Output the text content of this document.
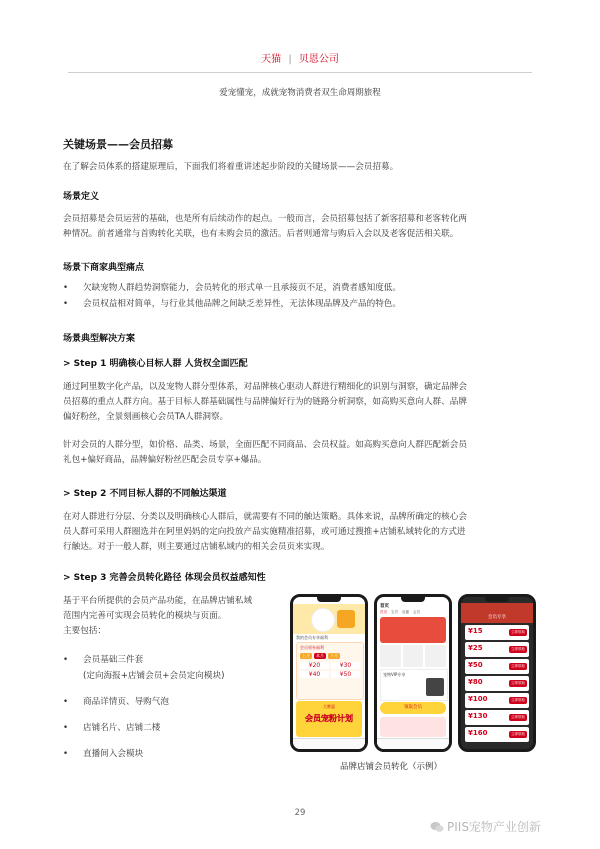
天猫 | 贝恩公司
爱宠懂宠，成就宠物消费者双生命周期旅程
关键场景——会员招募
在了解会员体系的搭建原理后，下面我们将着重讲述起步阶段的关键场景——会员招募。
场景定义
会员招募是会员运营的基础，也是所有后续动作的起点。一般而言，会员招募包括了新客招募和老客转化两
种情况。前者通常与首购转化关联，也有未购会员的激活。后者则通常与购后入会以及老客促活相关联。
场景下商家典型痛点
• 欠缺宠物人群趋势洞察能力，会员转化的形式单一且承接页不足，消费者感知度低。
• 会员权益相对简单，与行业其他品牌之间缺乏差异性，无法体现品牌及产品的特色。
场景典型解决方案
> Step 1 明确核心目标人群 人货权全面匹配
通过阿里数字化产品，以及宠物人群分型体系，对品牌核心驱动人群进行精细化的识别与洞察，确定品牌会
员招募的重点人群方向。基于目标人群基础属性与品牌偏好行为的链路分析洞察，如高购买意向人群、品牌
偏好粉丝，全景刻画核心会员TA人群洞察。
针对会员的人群分型，如价格、品类、场景，全面匹配不同商品、会员权益。如高购买意向人群匹配新会员
礼包+偏好商品，品牌偏好粉丝匹配会员专享+爆品。
> Step 2 不同目标人群的不同触达渠道
在对人群进行分层、分类以及明确核心人群后，就需要有不同的触达策略。具体来说，品牌所确定的核心会
员人群可采用人群圈选并在阿里妈妈的定向投放产品实施精准招募，或可通过搜推+店铺私域转化的方式进
行触达。对于一般人群，则主要通过店铺私域内的相关会员页来实现。
> Step 3 完善会员转化路径 体现会员权益感知性
基于平台所提供的会员产品功能，在品牌店铺私域
范围内完善可实现会员转化的模块与页面。
主要包括：
• 会员基础三件套
(定向海报+店铺会员+会员定向模块)
• 商品详情页、导购气泡
• 店铺名片、店铺二楼
• 直播间入会模块
我的会员专享福利
会员领券福利
上月	本月	下月
¥20	¥30
¥40	¥50
大牌惠
会员宠粉计划
首页
首页 宝贝 直播 会员
宠物VIP专享
领取会员
会员专享
¥15	立即领取
¥25	立即领取
¥50	立即领取
¥80	立即领取
¥100	立即领取
¥130	立即领取
¥160	立即领取
品牌店铺会员转化（示例）
29
PIIS宠物产业创新
